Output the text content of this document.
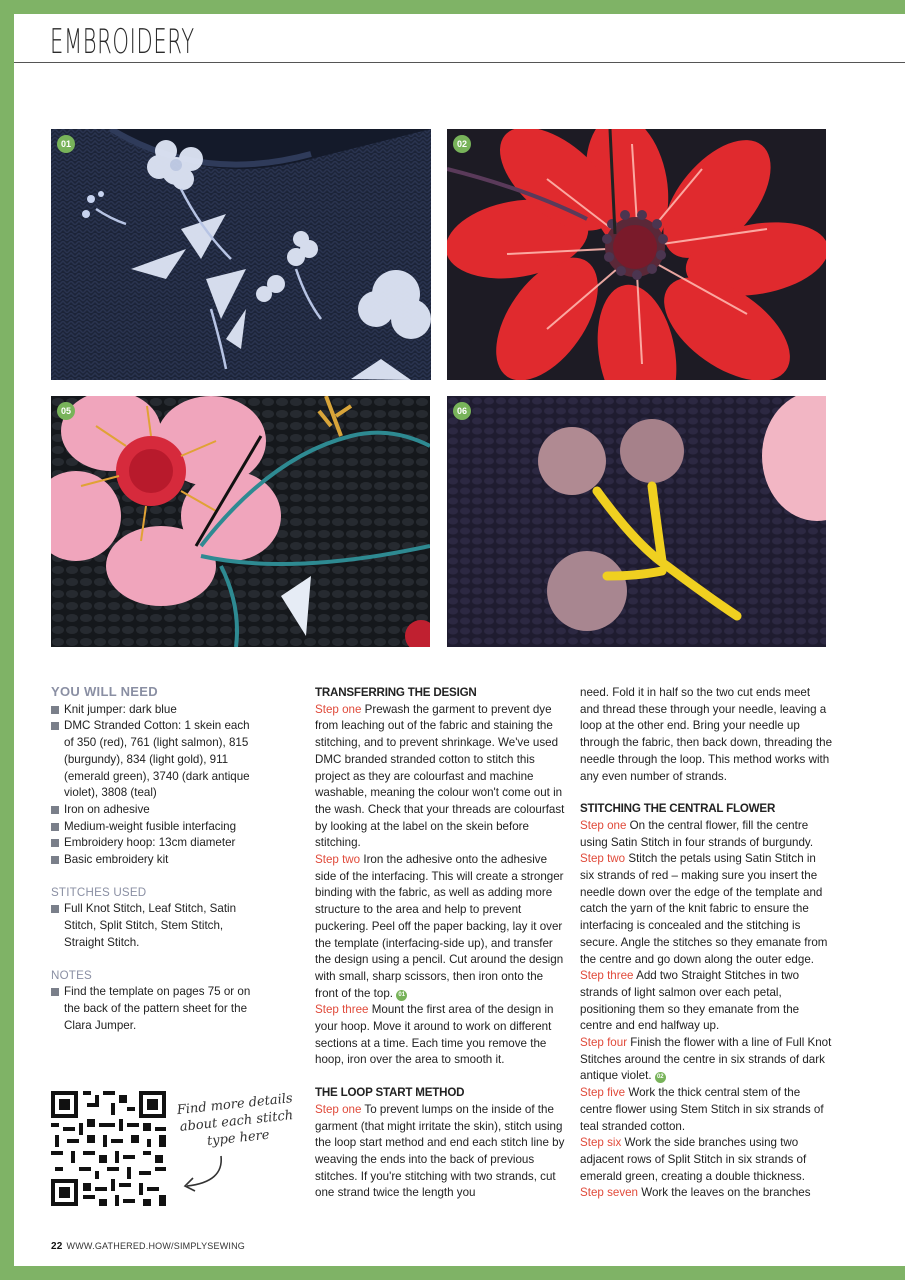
EMBROIDERY
01	02
05	06
YOU WILL NEED
Knit jumper: dark blue
DMC Stranded Cotton: 1 skein each of 350 (red), 761 (light salmon), 815 (burgundy), 834 (light gold), 911 (emerald green), 3740 (dark antique violet), 3808 (teal)
Iron on adhesive
Medium-weight fusible interfacing
Embroidery hoop: 13cm diameter
Basic embroidery kit
STITCHES USED
Full Knot Stitch, Leaf Stitch, Satin Stitch, Split Stitch, Stem Stitch, Straight Stitch.
NOTES
Find the template on pages 75 or on the back of the pattern sheet for the Clara Jumper.
Find more details about each stitch type here
TRANSFERRING THE DESIGN
Step one Prewash the garment to prevent dye from leaching out of the fabric and staining the stitching, and to prevent shrinkage. We've used DMC branded stranded cotton to stitch this project as they are colourfast and machine washable, meaning the colour won't come out in the wash. Check that your threads are colourfast by looking at the label on the skein before stitching.
Step two Iron the adhesive onto the adhesive side of the interfacing. This will create a stronger binding with the fabric, as well as adding more structure to the area and help to prevent puckering. Peel off the paper backing, lay it over the template (interfacing-side up), and transfer the design using a pencil. Cut around the design with small, sharp scissors, then iron onto the front of the top. 01
Step three Mount the first area of the design in your hoop. Move it around to work on different sections at a time. Each time you remove the hoop, iron over the area to smooth it.
THE LOOP START METHOD
Step one To prevent lumps on the inside of the garment (that might irritate the skin), stitch using the loop start method and end each stitch line by weaving the ends into the back of previous stitches. If you're stitching with two strands, cut one strand twice the length you
need. Fold it in half so the two cut ends meet and thread these through your needle, leaving a loop at the other end. Bring your needle up through the fabric, then back down, threading the needle through the loop. This method works with any even number of strands.
STITCHING THE CENTRAL FLOWER
Step one On the central flower, fill the centre using Satin Stitch in four strands of burgundy.
Step two Stitch the petals using Satin Stitch in six strands of red – making sure you insert the needle down over the edge of the template and catch the yarn of the knit fabric to ensure the interfacing is concealed and the stitching is secure. Angle the stitches so they emanate from the centre and go down along the outer edge.
Step three Add two Straight Stitches in two strands of light salmon over each petal, positioning them so they emanate from the centre and end halfway up.
Step four Finish the flower with a line of Full Knot Stitches around the centre in six strands of dark antique violet. 02
Step five Work the thick central stem of the centre flower using Stem Stitch in six strands of teal stranded cotton.
Step six Work the side branches using two adjacent rows of Split Stitch in six strands of emerald green, creating a double thickness.
Step seven Work the leaves on the branches
22 WWW.GATHERED.HOW/SIMPLYSEWING
